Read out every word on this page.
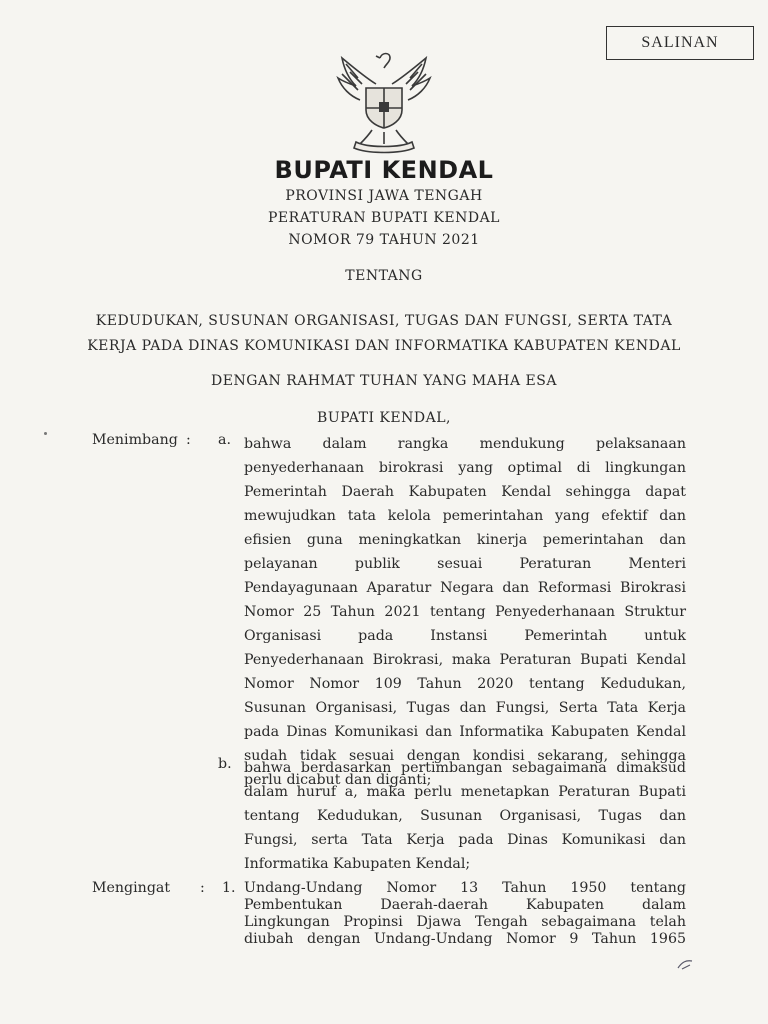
SALINAN
BUPATI KENDAL
PROVINSI JAWA TENGAH
PERATURAN BUPATI KENDAL
NOMOR 79 TAHUN 2021
TENTANG
KEDUDUKAN, SUSUNAN ORGANISASI, TUGAS DAN FUNGSI, SERTA TATA
KERJA PADA DINAS KOMUNIKASI DAN INFORMATIKA KABUPATEN KENDAL
DENGAN RAHMAT TUHAN YANG MAHA ESA
BUPATI KENDAL,
Menimbang : a. bahwa dalam rangka mendukung pelaksanaan
penyederhanaan birokrasi yang optimal di lingkungan
Pemerintah Daerah Kabupaten Kendal sehingga dapat
mewujudkan tata kelola pemerintahan yang efektif dan
efisien guna meningkatkan kinerja pemerintahan dan
pelayanan publik sesuai Peraturan Menteri
Pendayagunaan Aparatur Negara dan Reformasi Birokrasi
Nomor 25 Tahun 2021 tentang Penyederhanaan Struktur
Organisasi pada Instansi Pemerintah untuk
Penyederhanaan Birokrasi, maka Peraturan Bupati Kendal
Nomor Nomor 109 Tahun 2020 tentang Kedudukan,
Susunan Organisasi, Tugas dan Fungsi, Serta Tata Kerja
pada Dinas Komunikasi dan Informatika Kabupaten Kendal
sudah tidak sesuai dengan kondisi sekarang, sehingga
perlu dicabut dan diganti;
b. bahwa berdasarkan pertimbangan sebagaimana dimaksud
dalam huruf a, maka perlu menetapkan Peraturan Bupati
tentang Kedudukan, Susunan Organisasi, Tugas dan
Fungsi, serta Tata Kerja pada Dinas Komunikasi dan
Informatika Kabupaten Kendal;
Mengingat : 1. Undang-Undang Nomor 13 Tahun 1950 tentang
Pembentukan Daerah-daerah Kabupaten dalam
Lingkungan Propinsi Djawa Tengah sebagaimana telah
diubah dengan Undang-Undang Nomor 9 Tahun 1965
